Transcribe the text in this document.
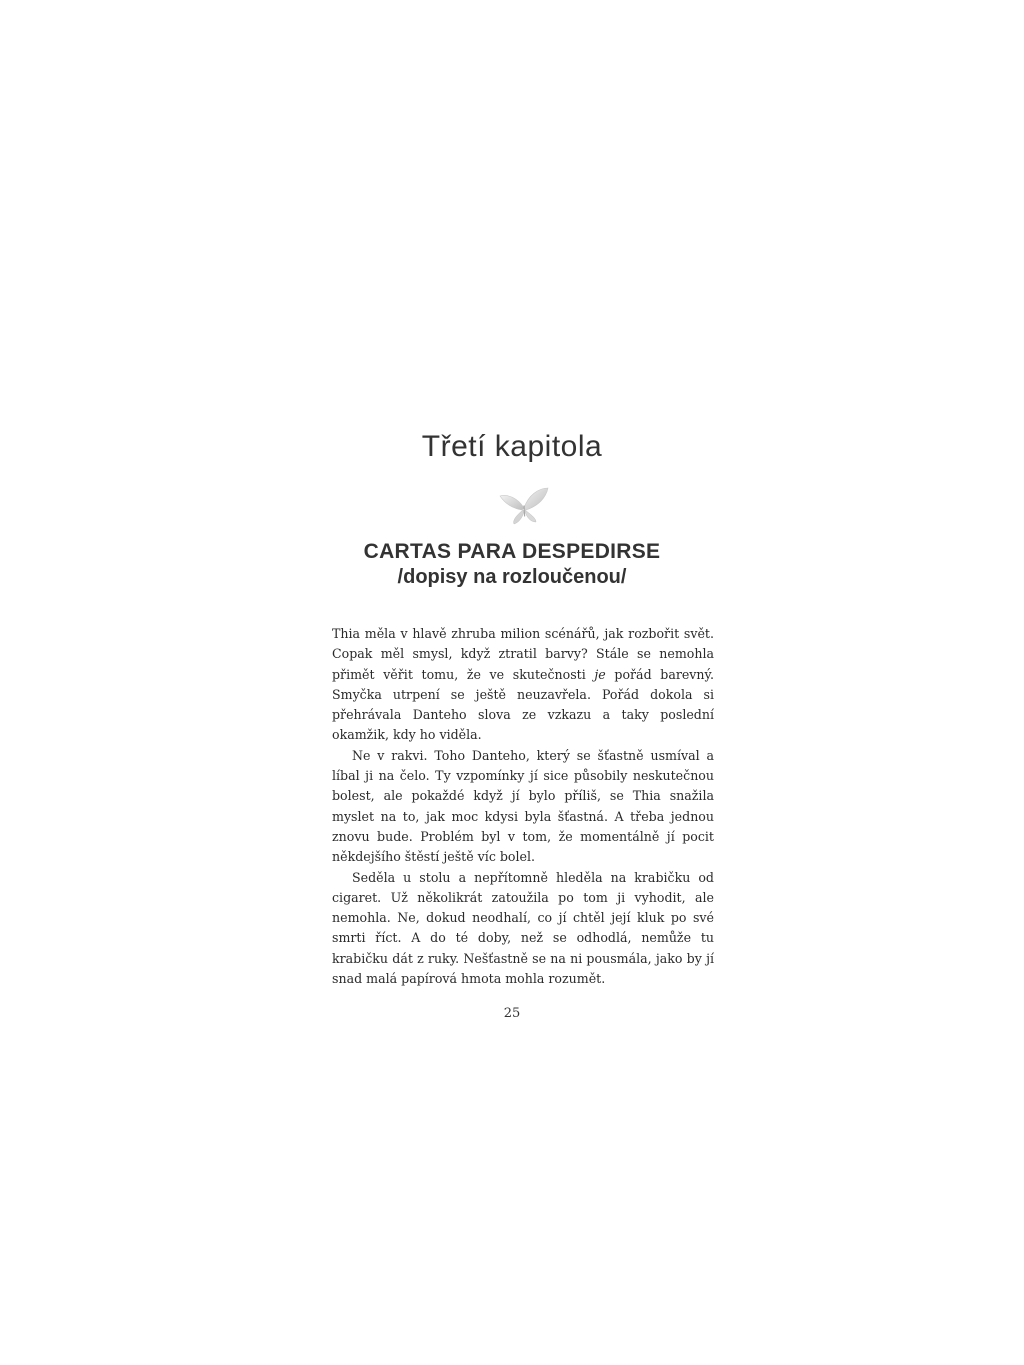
Třetí kapitola
CARTAS PARA DESPEDIRSE
/dopisy na rozloučenou/

Thia měla v hlavě zhruba milion scénářů, jak rozbořit svět. Copak měl smysl, když ztratil barvy? Stále se nemohla přimět věřit tomu, že ve skutečnosti je pořád barevný. Smyčka utrpení se ještě neuzavřela. Pořád dokola si přehrávala Danteho slova ze vzkazu a taky poslední okamžik, kdy ho viděla.

Ne v rakvi. Toho Danteho, který se šťastně usmíval a líbal ji na čelo. Ty vzpomínky jí sice působily neskutečnou bolest, ale pokaždé když jí bylo příliš, se Thia snažila myslet na to, jak moc kdysi byla šťastná. A třeba jednou znovu bude. Problém byl v tom, že momentálně jí pocit někdejšího štěstí ještě víc bolel.

Seděla u stolu a nepřítomně hleděla na krabičku od cigaret. Už několikrát zatoužila po tom ji vyhodit, ale nemohla. Ne, dokud neodhalí, co jí chtěl její kluk po své smrti říct. A do té doby, než se odhodlá, nemůže tu krabičku dát z ruky. Nešťastně se na ni pousmála, jako by jí snad malá papírová hmota mohla rozumět.

25
